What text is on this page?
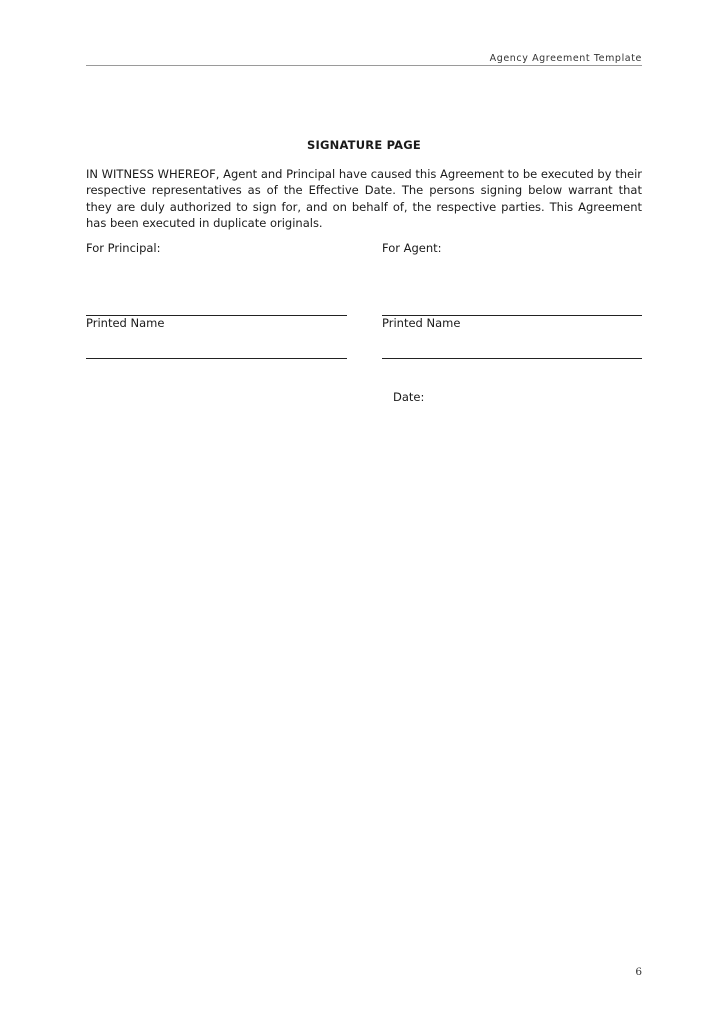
Agency Agreement Template
SIGNATURE PAGE

IN WITNESS WHEREOF, Agent and Principal have caused this Agreement to be executed by their respective representatives as of the Effective Date. The persons signing below warrant that they are duly authorized to sign for, and on behalf of, the respective parties. This Agreement has been executed in duplicate originals.

For Principal:
Printed Name
For Agent:
Printed Name
Date:
6
